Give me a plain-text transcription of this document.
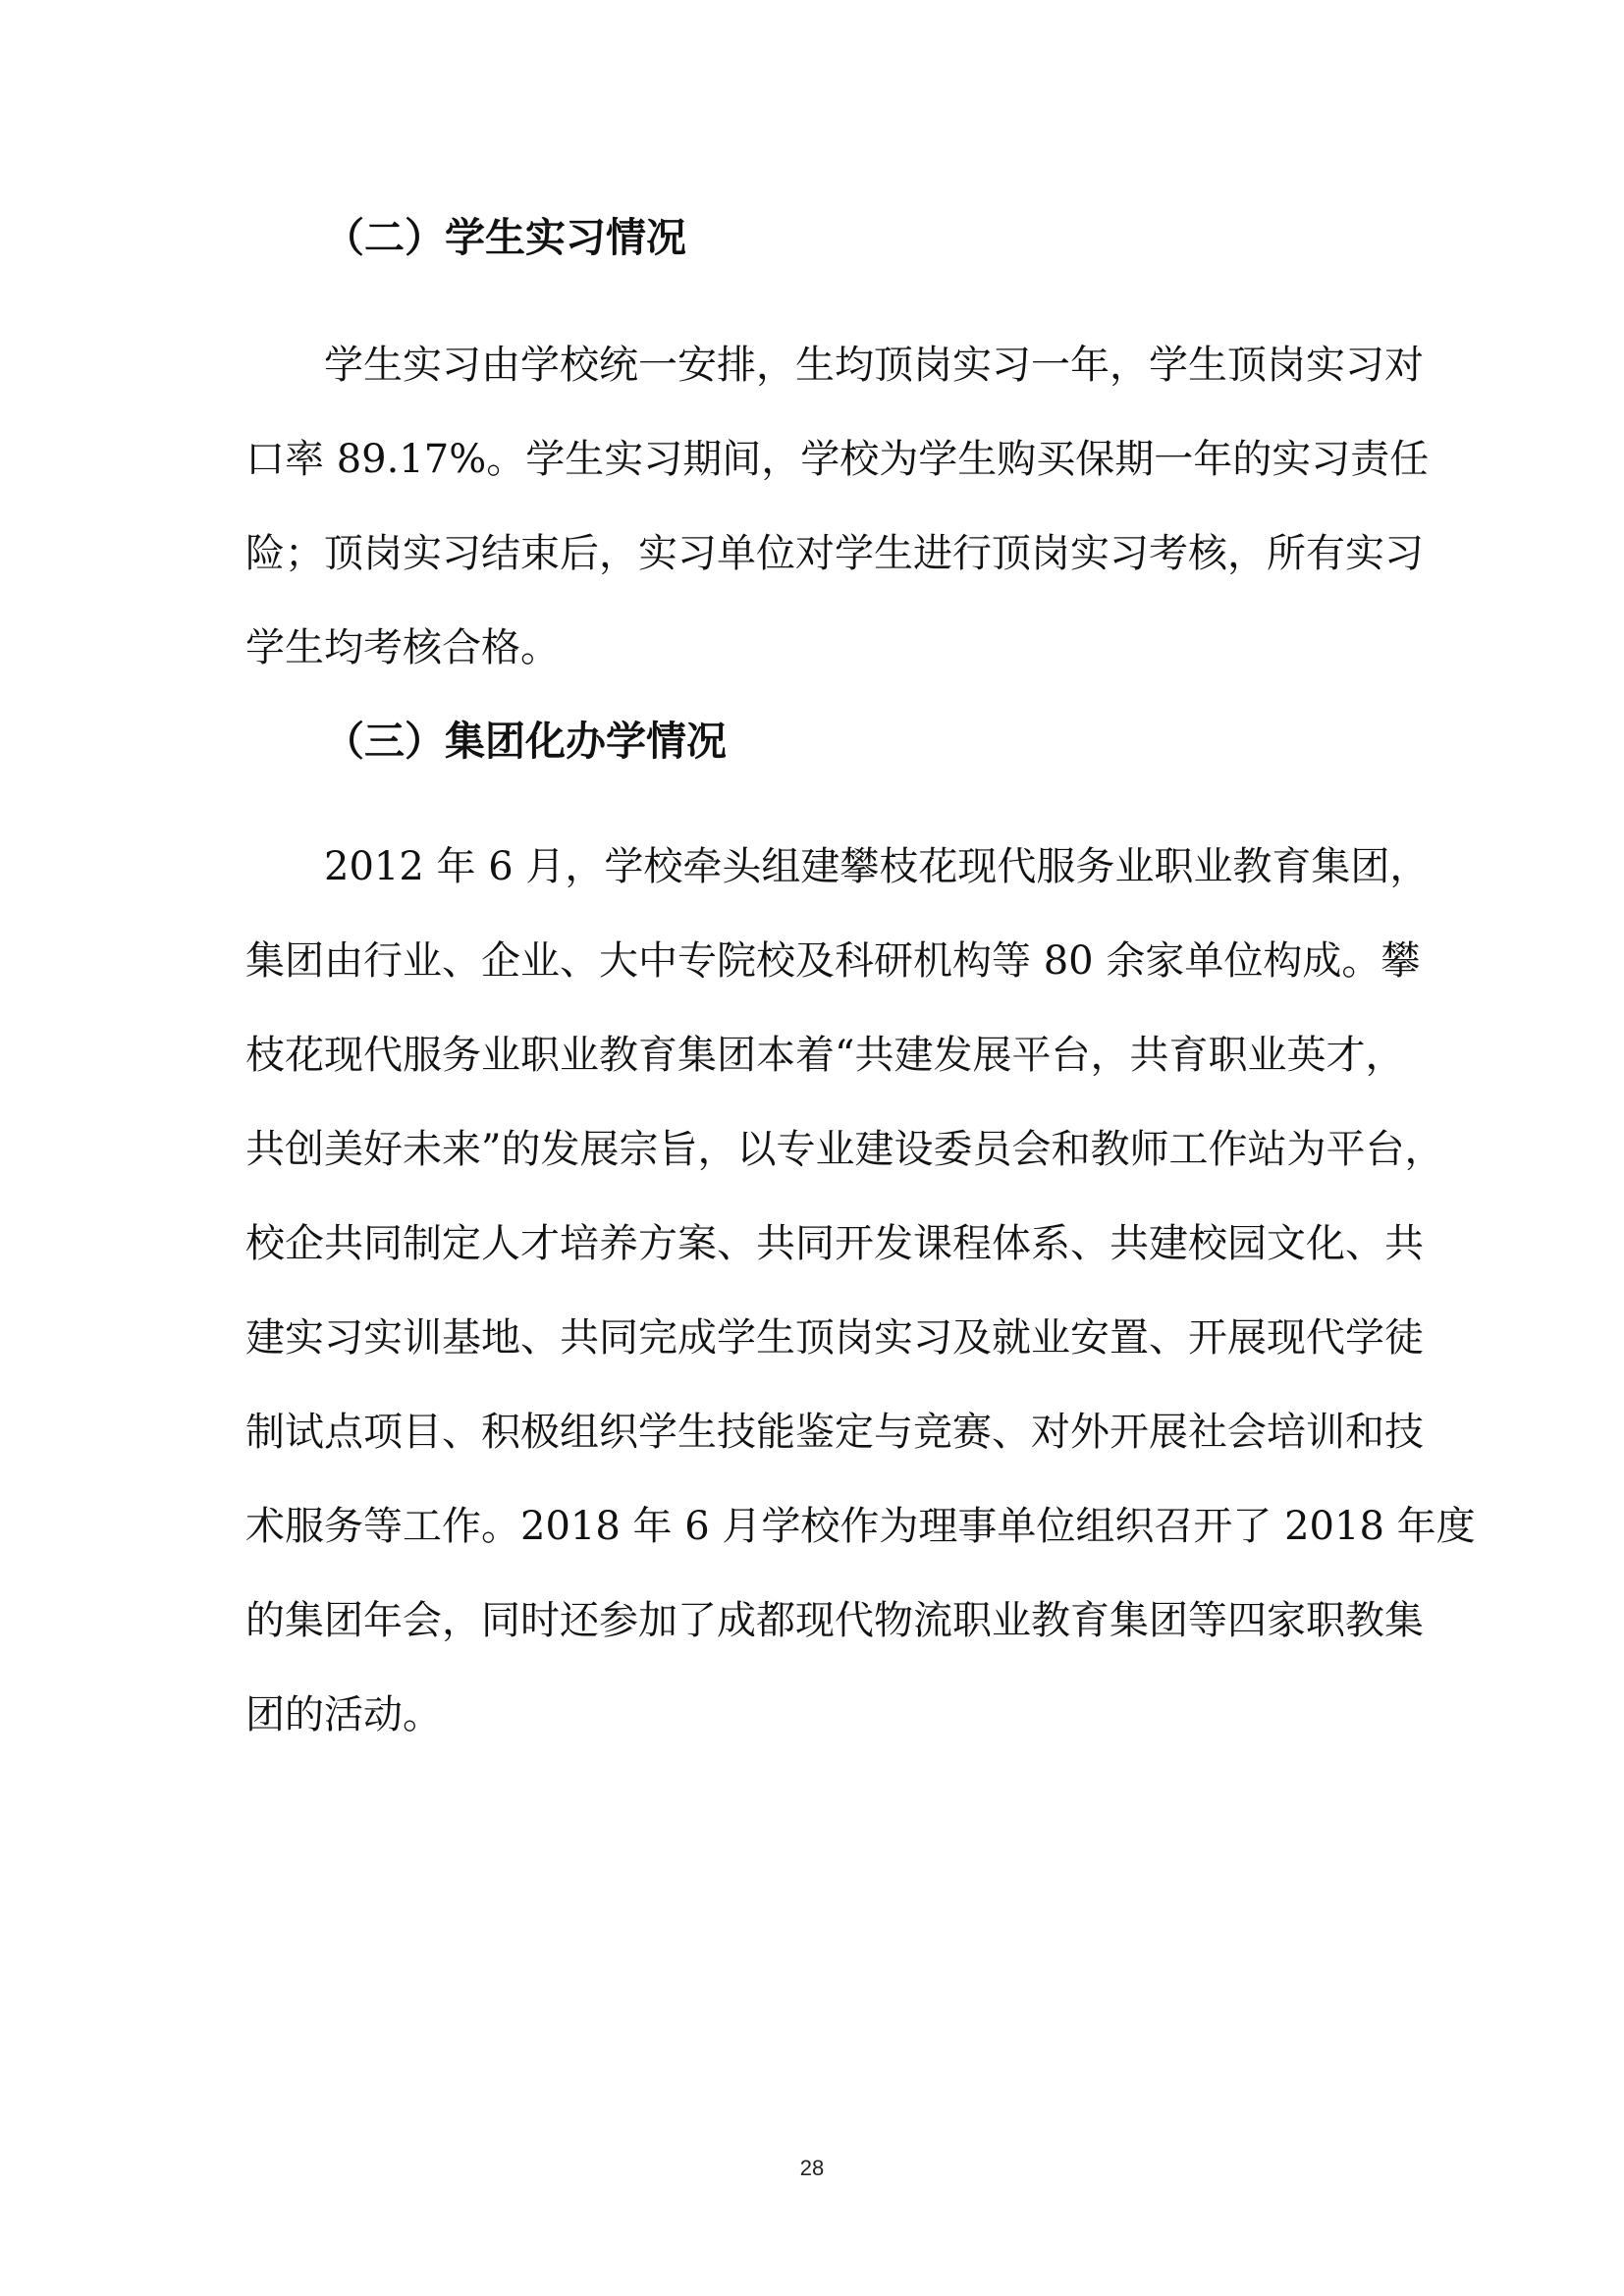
（二）学生实习情况
学生实习由学校统一安排，生均顶岗实习一年，学生顶岗实习对
口率 89.17%。学生实习期间，学校为学生购买保期一年的实习责任
险；顶岗实习结束后，实习单位对学生进行顶岗实习考核，所有实习
学生均考核合格。
（三）集团化办学情况
2012 年 6 月，学校牵头组建攀枝花现代服务业职业教育集团，
集团由行业、企业、大中专院校及科研机构等 80 余家单位构成。攀
枝花现代服务业职业教育集团本着“共建发展平台，共育职业英才，
共创美好未来”的发展宗旨，以专业建设委员会和教师工作站为平台，
校企共同制定人才培养方案、共同开发课程体系、共建校园文化、共
建实习实训基地、共同完成学生顶岗实习及就业安置、开展现代学徒
制试点项目、积极组织学生技能鉴定与竞赛、对外开展社会培训和技
术服务等工作。2018 年 6 月学校作为理事单位组织召开了 2018 年度
的集团年会，同时还参加了成都现代物流职业教育集团等四家职教集
团的活动。
28
